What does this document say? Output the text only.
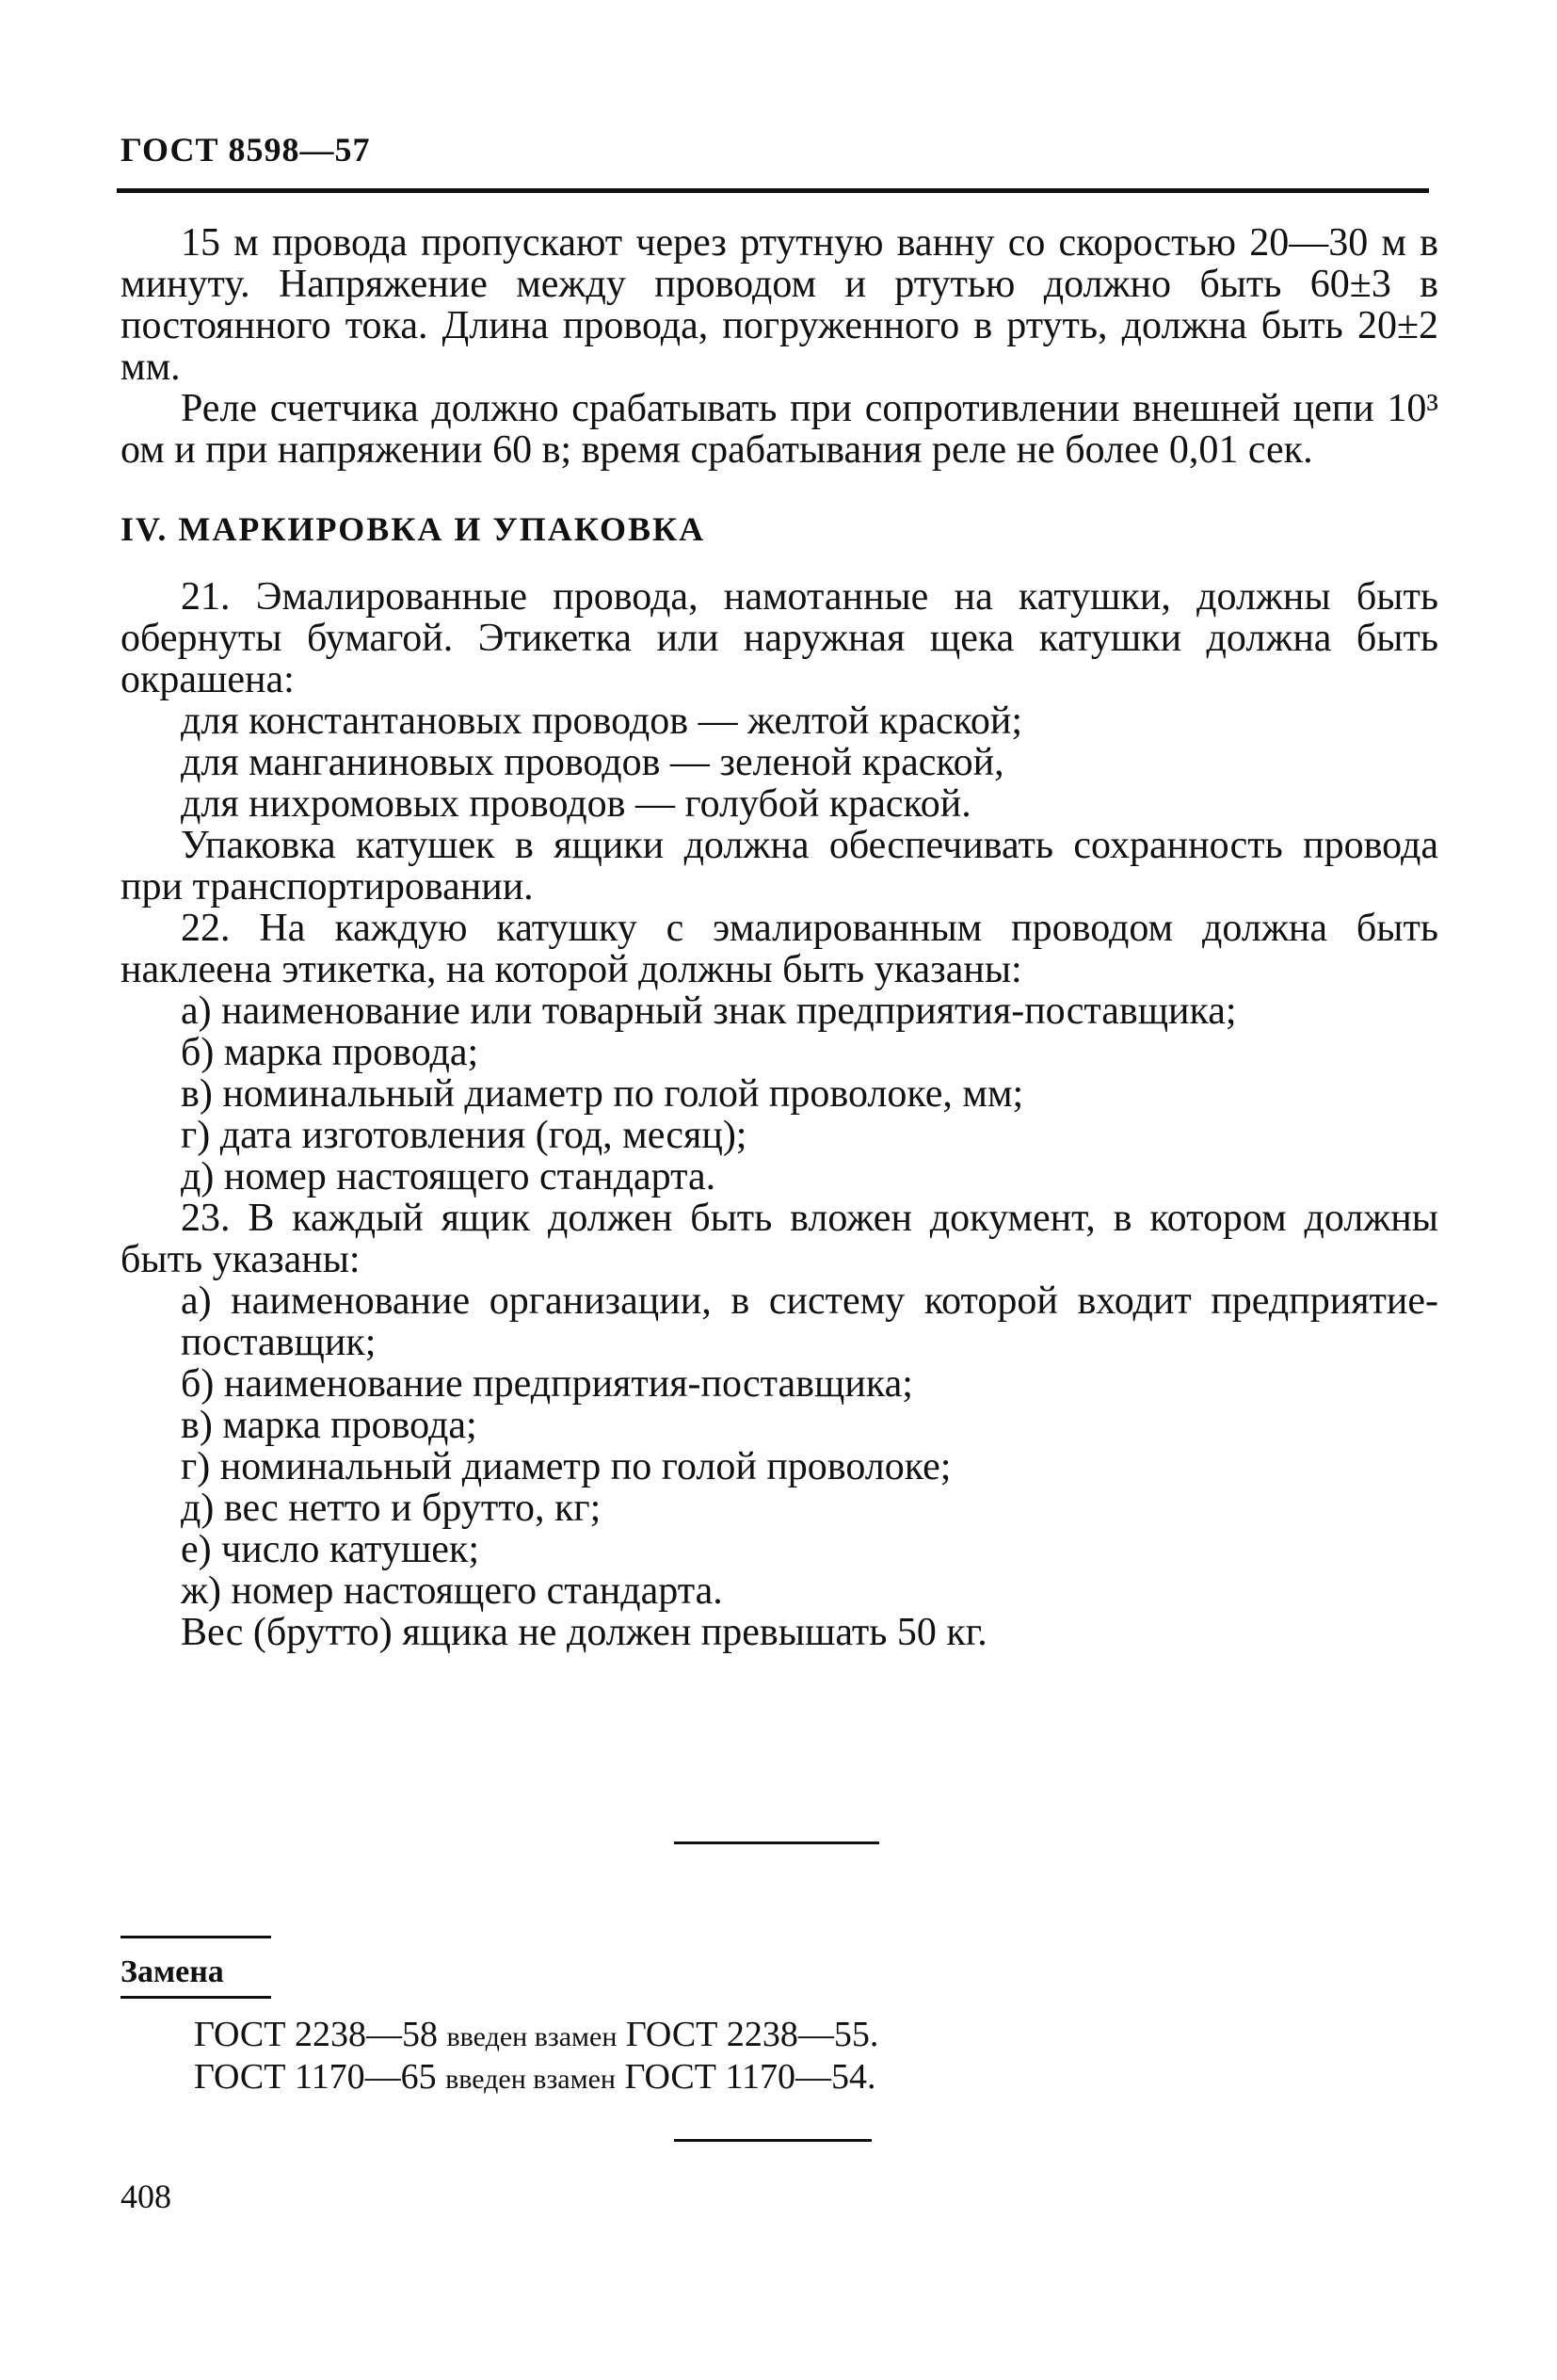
ГОСТ 8598—57

15 м провода пропускают через ртутную ванну со скоростью 20—30 м в минуту. Напряжение между проводом и ртутью должно быть 60±3 в постоянного тока. Длина провода, погруженного в ртуть, должна быть 20±2 мм.

Реле счетчика должно срабатывать при сопротивлении внешней цепи 10³ ом и при напряжении 60 в; время срабатывания реле не более 0,01 сек.

IV. МАРКИРОВКА И УПАКОВКА

21. Эмалированные провода, намотанные на катушки, должны быть обернуты бумагой. Этикетка или наружная щека катушки должна быть окрашена:

для константановых проводов — желтой краской;

для манганиновых проводов — зеленой краской,

для нихромовых проводов — голубой краской.

Упаковка катушек в ящики должна обеспечивать сохранность провода при транспортировании.

22. На каждую катушку с эмалированным проводом должна быть наклеена этикетка, на которой должны быть указаны:

а) наименование или товарный знак предприятия-поставщика;

б) марка провода;

в) номинальный диаметр по голой проволоке, мм;

г) дата изготовления (год, месяц);

д) номер настоящего стандарта.

23. В каждый ящик должен быть вложен документ, в котором должны быть указаны:

а) наименование организации, в систему которой входит предприятие-поставщик;

б) наименование предприятия-поставщика;

в) марка провода;

г) номинальный диаметр по голой проволоке;

д) вес нетто и брутто, кг;

е) число катушек;

ж) номер настоящего стандарта.

Вес (брутто) ящика не должен превышать 50 кг.

Замена
ГОСТ 2238—58 введен взамен ГОСТ 2238—55.
ГОСТ 1170—65 введен взамен ГОСТ 1170—54.
408
